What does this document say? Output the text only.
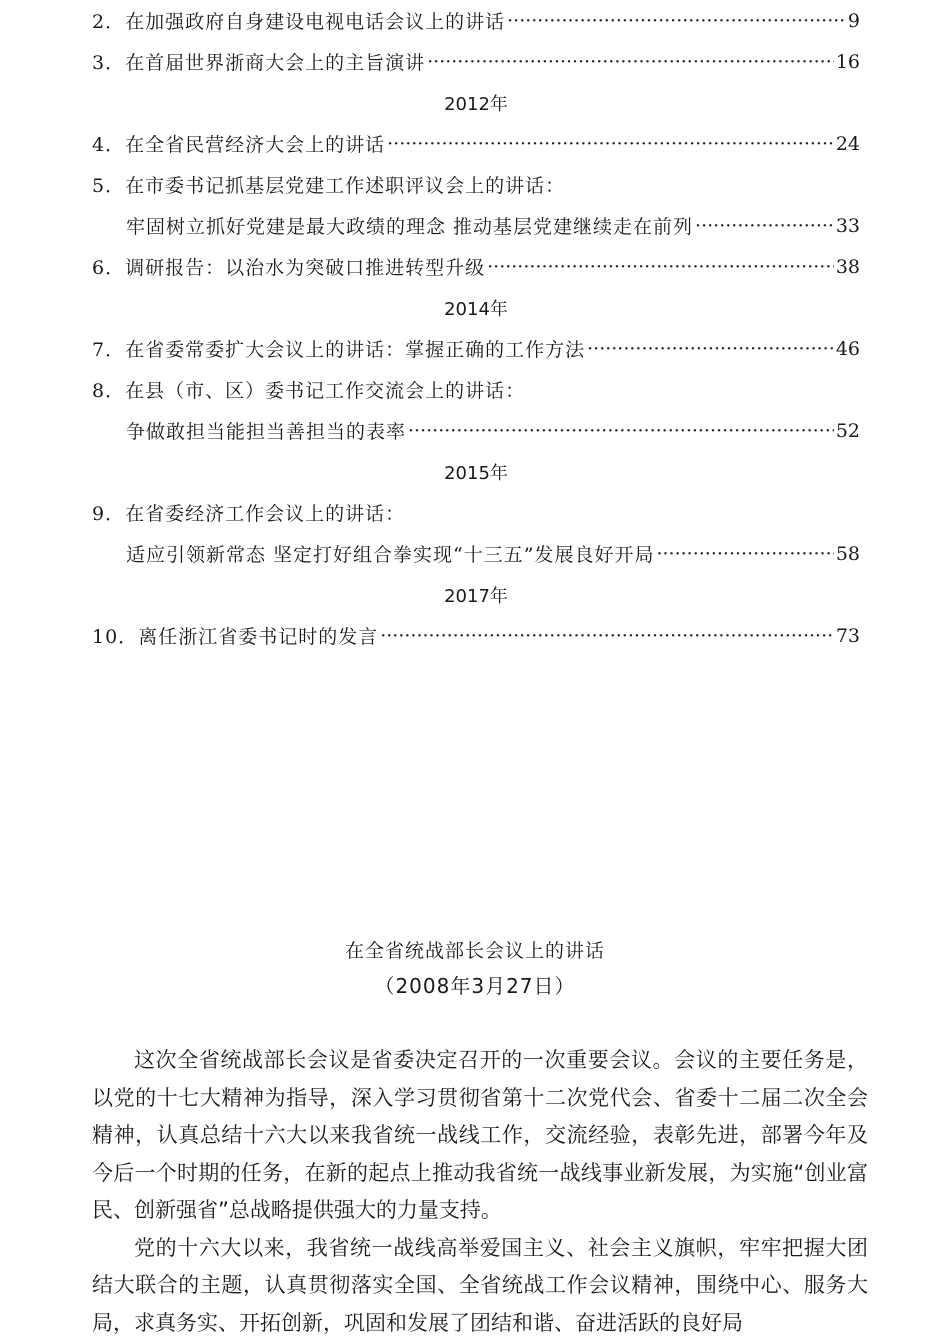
2． 在加强政府自身建设电视电话会议上的讲话 ·····	9
3． 在首届世界浙商大会上的主旨演讲 ·····	16
2012年
4． 在全省民营经济大会上的讲话 ·····	24
5．在市委书记抓基层党建工作述职评议会上的讲话：
牢固树立抓好党建是最大政绩的理念 推动基层党建继续走在前列 ·····	33
6． 调研报告：以治水为突破口推进转型升级 ·····	38
2014年
7． 在省委常委扩大会议上的讲话：掌握正确的工作方法 ·····	46
8．在县（市、区）委书记工作交流会上的讲话：
争做敢担当能担当善担当的表率 ·····	52
2015年
9．在省委经济工作会议上的讲话：
适应引领新常态 坚定打好组合拳实现“十三五”发展良好开局 ·····	58
2017年
10． 离任浙江省委书记时的发言 ·····	73
在全省统战部长会议上的讲话
（2008年3月27日）

这次全省统战部长会议是省委决定召开的一次重要会议。会议的主要任务是，以党的十七大精神为指导，深入学习贯彻省第十二次党代会、省委十二届二次全会精神，认真总结十六大以来我省统一战线工作，交流经验，表彰先进，部署今年及今后一个时期的任务，在新的起点上推动我省统一战线事业新发展，为实施“创业富民、创新强省”总战略提供强大的力量支持。

党的十六大以来，我省统一战线高举爱国主义、社会主义旗帜，牢牢把握大团结大联合的主题，认真贯彻落实全国、全省统战工作会议精神，围绕中心、服务大局，求真务实、开拓创新，巩固和发展了团结和谐、奋进活跃的良好局
